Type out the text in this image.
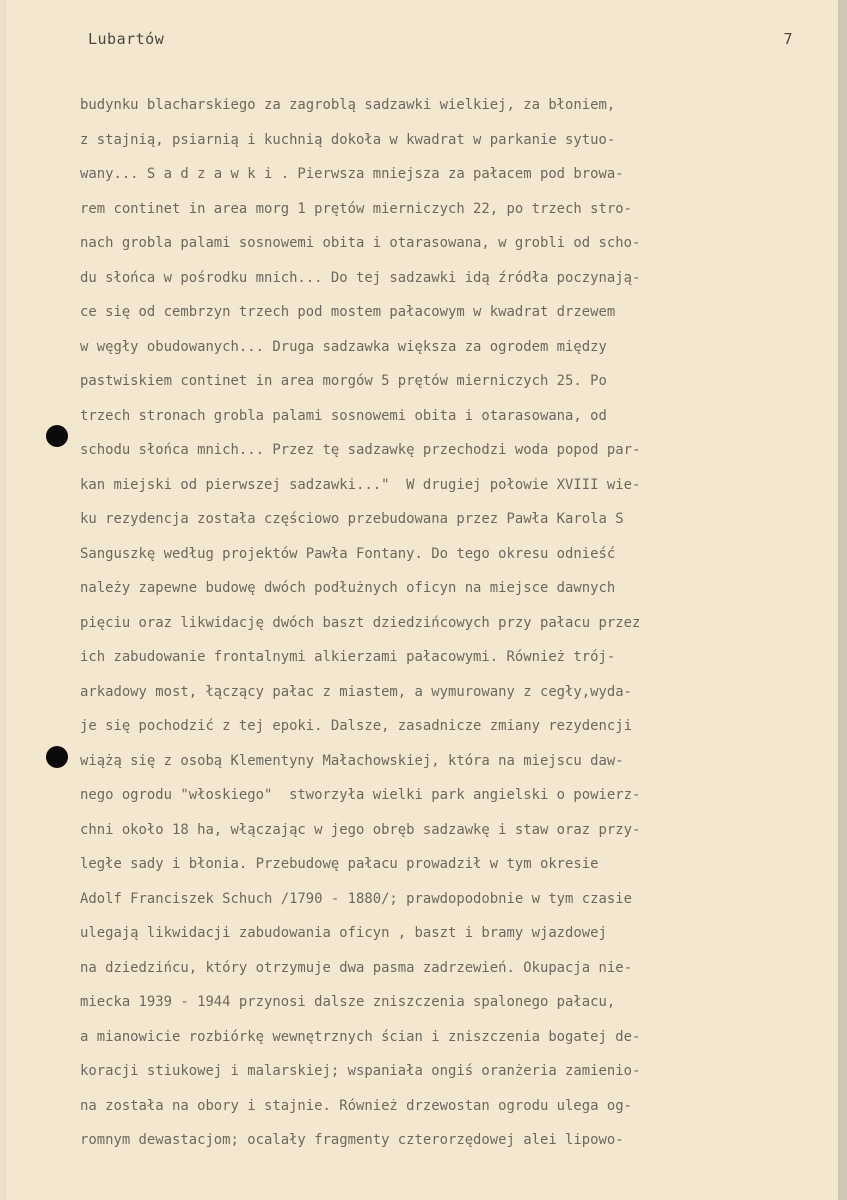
Lubartów	7
budynku blacharskiego za zagroblą sadzawki wielkiej, za błoniem,
z stajnią, psiarnią i kuchnią dokoła w kwadrat w parkanie sytuo-
wany... S a d z a w k i . Pierwsza mniejsza za pałacem pod browa-
rem continet in area morg 1 prętów mierniczych 22, po trzech stro-
nach grobla palami sosnowemi obita i otarasowana, w grobli od scho-
du słońca w pośrodku mnich... Do tej sadzawki idą źródła poczynają-
ce się od cembrzyn trzech pod mostem pałacowym w kwadrat drzewem
w węgły obudowanych... Druga sadzawka większa za ogrodem między
pastwiskiem continet in area morgów 5 prętów mierniczych 25. Po
trzech stronach grobla palami sosnowemi obita i otarasowana, od
schodu słońca mnich... Przez tę sadzawkę przechodzi woda popod par-
kan miejski od pierwszej sadzawki..."  W drugiej połowie XVIII wie-
ku rezydencja została częściowo przebudowana przez Pawła Karola S
Sanguszkę według projektów Pawła Fontany. Do tego okresu odnieść
należy zapewne budowę dwóch podłużnych oficyn na miejsce dawnych
pięciu oraz likwidację dwóch baszt dziedzińcowych przy pałacu przez
ich zabudowanie frontalnymi alkierzami pałacowymi. Również trój-
arkadowy most, łączący pałac z miastem, a wymurowany z cegły,wyda-
je się pochodzić z tej epoki. Dalsze, zasadnicze zmiany rezydencji
wiążą się z osobą Klementyny Małachowskiej, która na miejscu daw-
nego ogrodu "włoskiego"  stworzyła wielki park angielski o powierz-
chni około 18 ha, włączając w jego obręb sadzawkę i staw oraz przy-
ległe sady i błonia. Przebudowę pałacu prowadził w tym okresie
Adolf Franciszek Schuch /1790 - 1880/; prawdopodobnie w tym czasie
ulegają likwidacji zabudowania oficyn , baszt i bramy wjazdowej
na dziedzińcu, który otrzymuje dwa pasma zadrzewień. Okupacja nie-
miecka 1939 - 1944 przynosi dalsze zniszczenia spalonego pałacu,
a mianowicie rozbiórkę wewnętrznych ścian i zniszczenia bogatej de-
koracji stiukowej i malarskiej; wspaniała ongiś oranżeria zamienio-
na została na obory i stajnie. Również drzewostan ogrodu ulega og-
romnym dewastacjom; ocalały fragmenty czterorzędowej alei lipowo-
